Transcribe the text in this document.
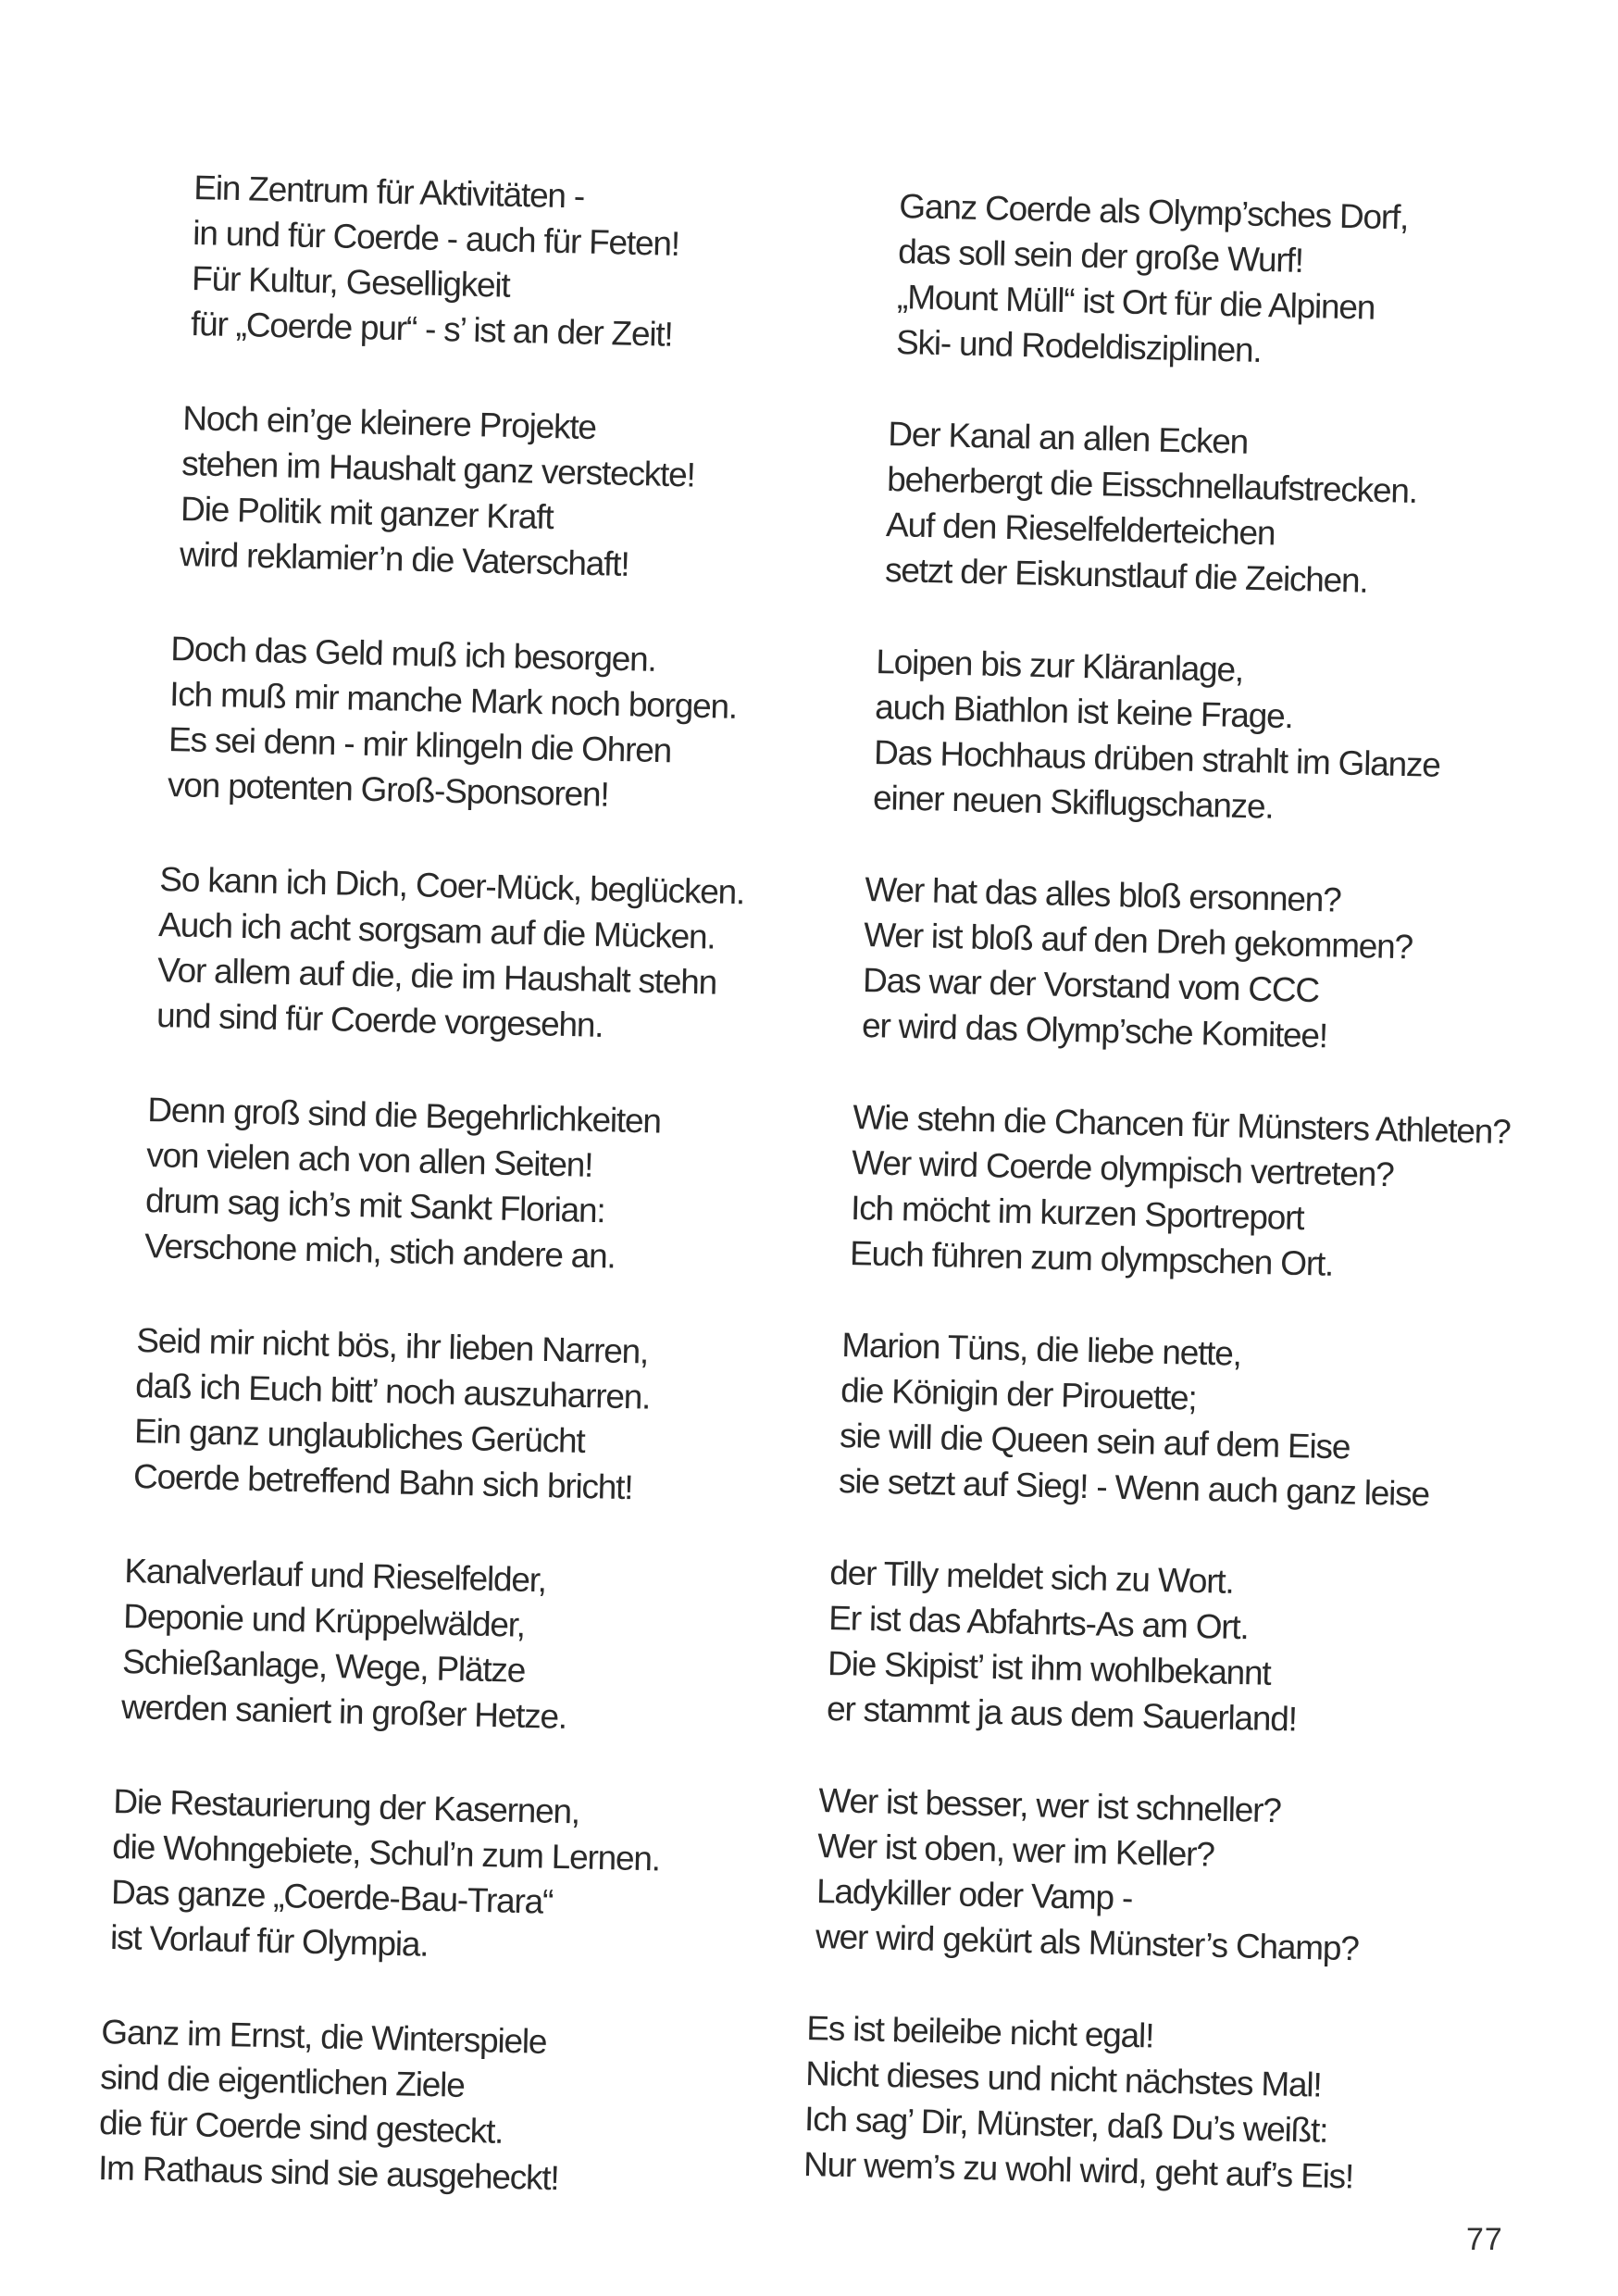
Ein Zentrum für Aktivitäten -
in und für Coerde - auch für Feten!
Für Kultur, Geselligkeit
für „Coerde pur“ - s’ ist an der Zeit!
Noch ein’ge kleinere Projekte
stehen im Haushalt ganz versteckte!
Die Politik mit ganzer Kraft
wird reklamier’n die Vaterschaft!
Doch das Geld muß ich besorgen.
Ich muß mir manche Mark noch borgen.
Es sei denn - mir klingeln die Ohren
von potenten Groß-Sponsoren!
So kann ich Dich, Coer-Mück, beglücken.
Auch ich acht sorgsam auf die Mücken.
Vor allem auf die, die im Haushalt stehn
und sind für Coerde vorgesehn.
Denn groß sind die Begehrlichkeiten
von vielen ach von allen Seiten!
drum sag ich’s mit Sankt Florian:
Verschone mich, stich andere an.
Seid mir nicht bös, ihr lieben Narren,
daß ich Euch bitt’ noch auszuharren.
Ein ganz unglaubliches Gerücht
Coerde betreffend Bahn sich bricht!
Kanalverlauf und Rieselfelder,
Deponie und Krüppelwälder,
Schießanlage, Wege, Plätze
werden saniert in großer Hetze.
Die Restaurierung der Kasernen,
die Wohngebiete, Schul’n zum Lernen.
Das ganze „Coerde-Bau-Trara“
ist Vorlauf für Olympia.
Ganz im Ernst, die Winterspiele
sind die eigentlichen Ziele
die für Coerde sind gesteckt.
Im Rathaus sind sie ausgeheckt!
Ganz Coerde als Olymp’sches Dorf,
das soll sein der große Wurf!
„Mount Müll“ ist Ort für die Alpinen
Ski- und Rodeldisziplinen.
Der Kanal an allen Ecken
beherbergt die Eisschnellaufstrecken.
Auf den Rieselfelderteichen
setzt der Eiskunstlauf die Zeichen.
Loipen bis zur Kläranlage,
auch Biathlon ist keine Frage.
Das Hochhaus drüben strahlt im Glanze
einer neuen Skiflugschanze.
Wer hat das alles bloß ersonnen?
Wer ist bloß auf den Dreh gekommen?
Das war der Vorstand vom CCC
er wird das Olymp’sche Komitee!
Wie stehn die Chancen für Münsters Athleten?
Wer wird Coerde olympisch vertreten?
Ich möcht im kurzen Sportreport
Euch führen zum olympschen Ort.
Marion Tüns, die liebe nette,
die Königin der Pirouette;
sie will die Queen sein auf dem Eise
sie setzt auf Sieg! - Wenn auch ganz leise
der Tilly meldet sich zu Wort.
Er ist das Abfahrts-As am Ort.
Die Skipist’ ist ihm wohlbekannt
er stammt ja aus dem Sauerland!
Wer ist besser, wer ist schneller?
Wer ist oben, wer im Keller?
Ladykiller oder Vamp -
wer wird gekürt als Münster’s Champ?
Es ist beileibe nicht egal!
Nicht dieses und nicht nächstes Mal!
Ich sag’ Dir, Münster, daß Du’s weißt:
Nur wem’s zu wohl wird, geht auf’s Eis!
77
